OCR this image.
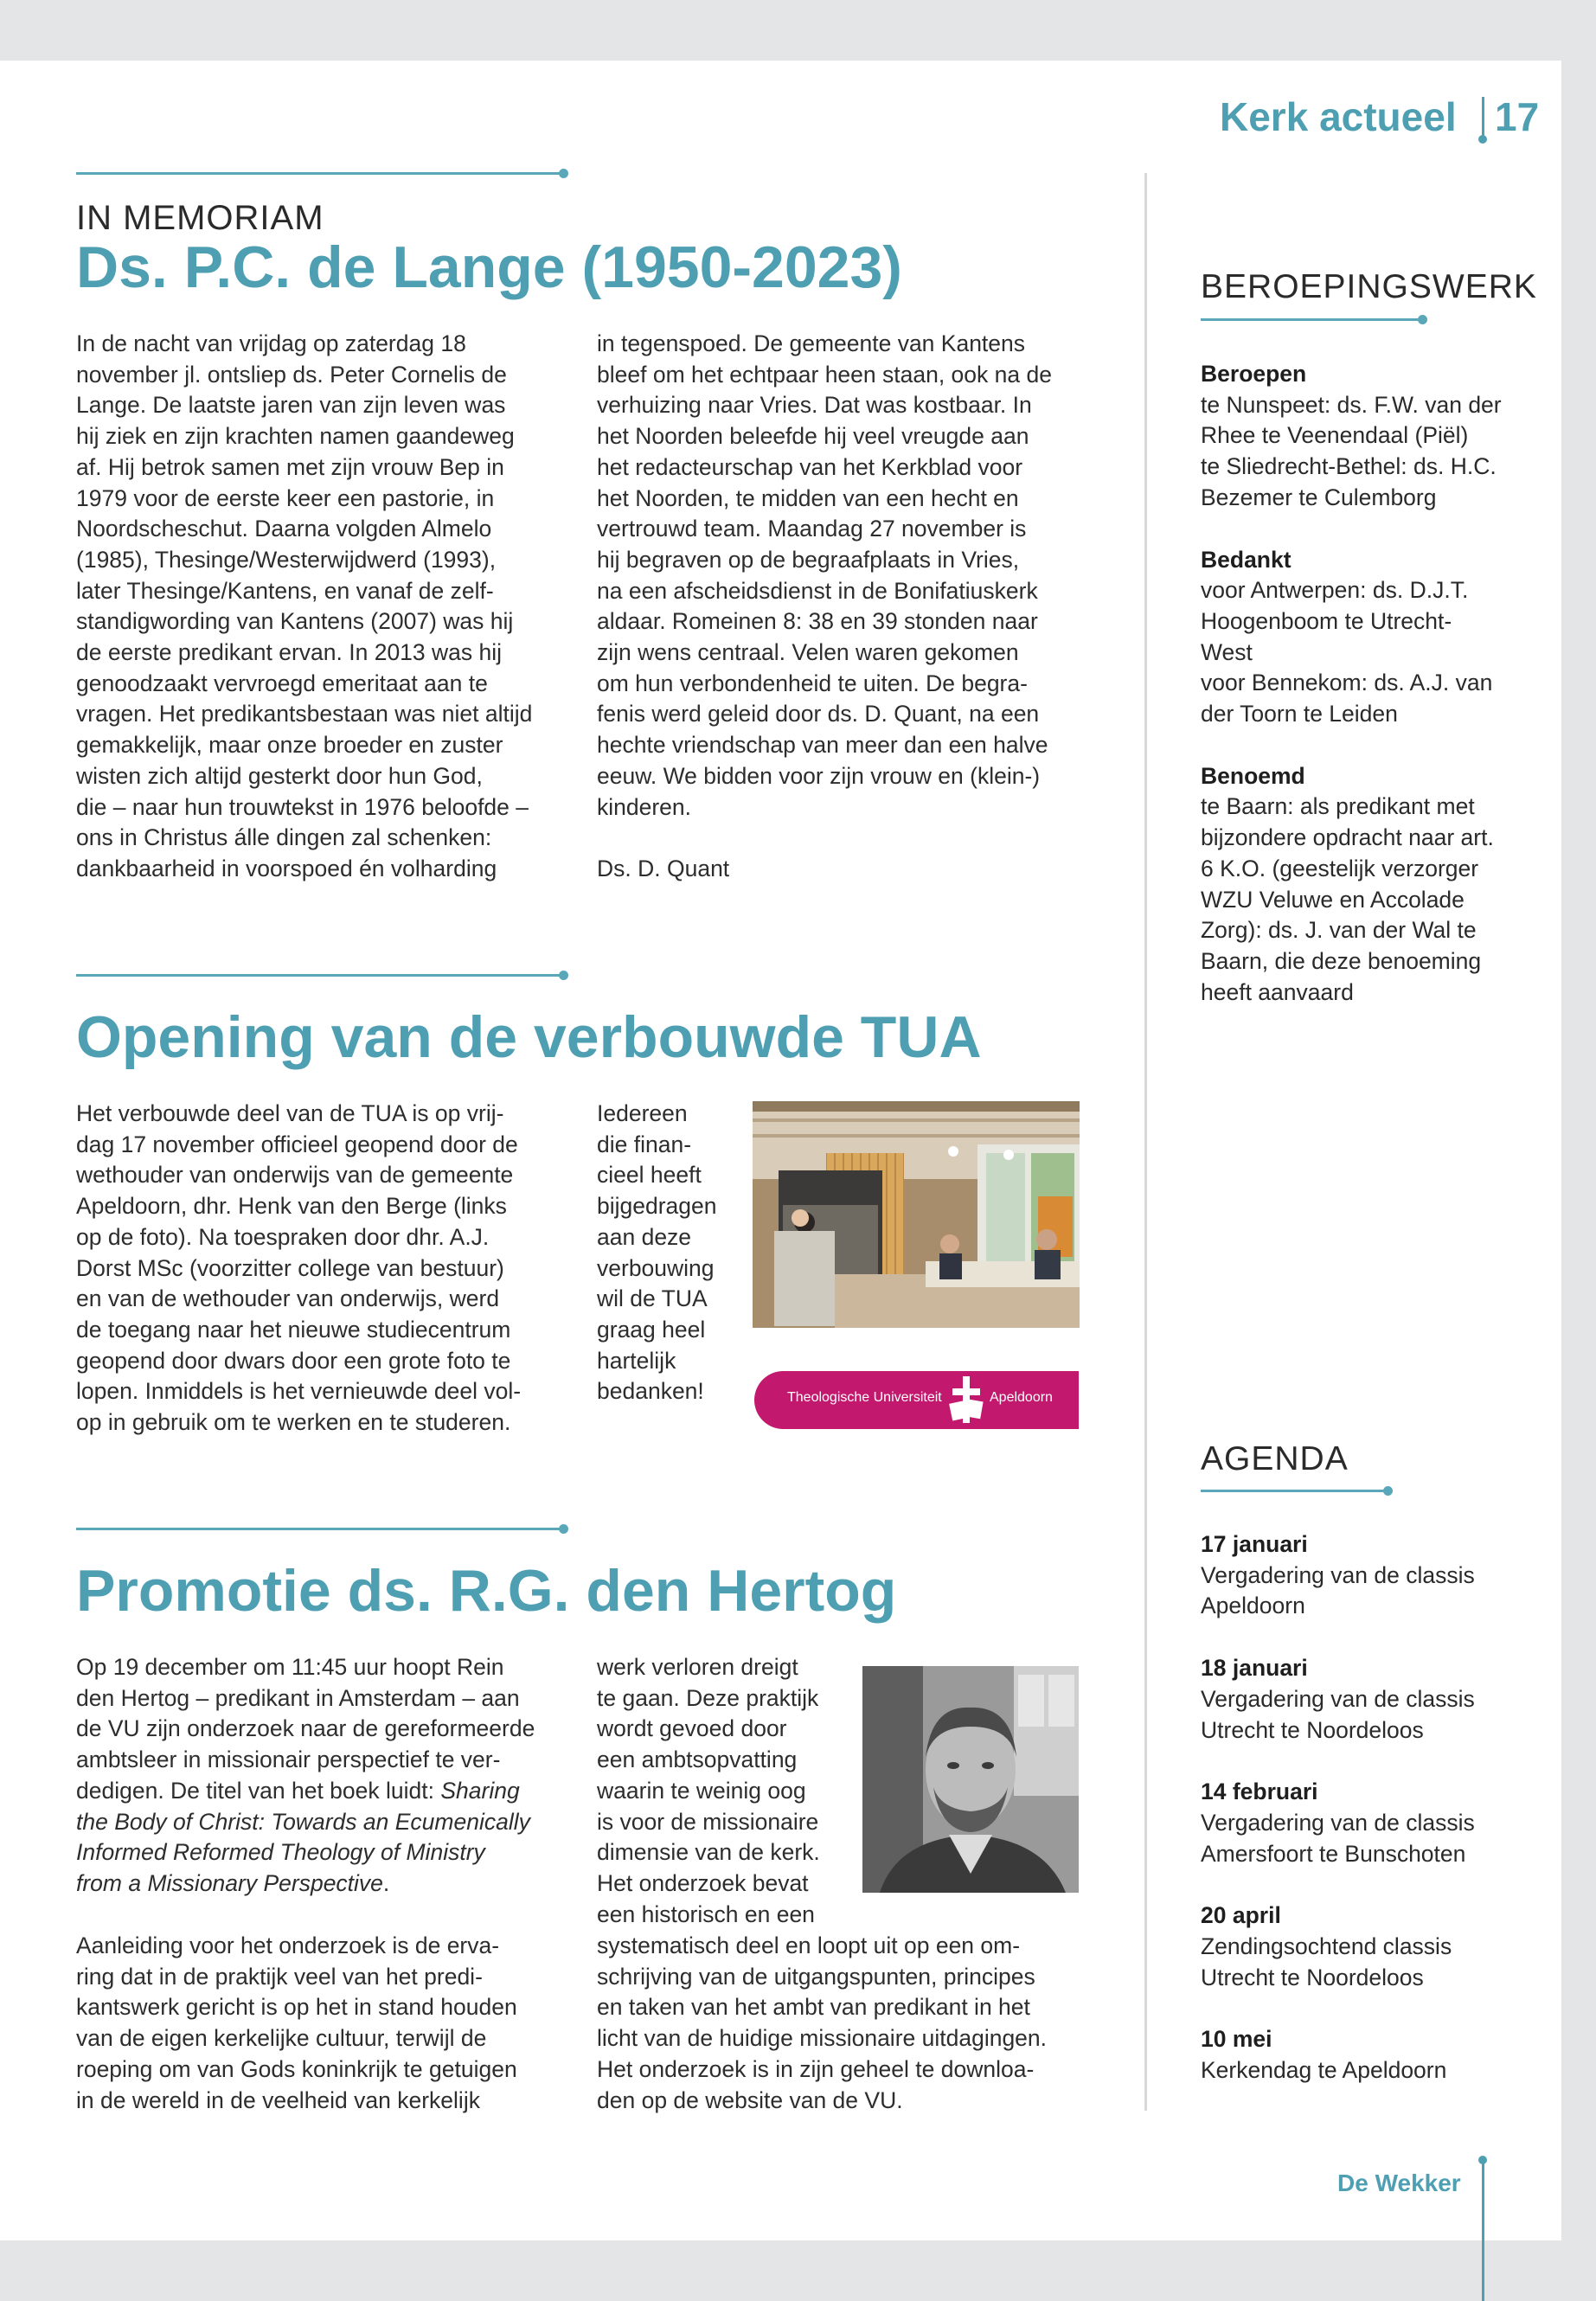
Kerk actueel 17
IN MEMORIAM
Ds. P.C. de Lange (1950-2023)
In de nacht van vrijdag op zaterdag 18
november jl. ontsliep ds. Peter Cornelis de
Lange. De laatste jaren van zijn leven was
hij ziek en zijn krachten namen gaandeweg
af. Hij betrok samen met zijn vrouw Bep in
1979 voor de eerste keer een pastorie, in
Noordscheschut. Daarna volgden Almelo
(1985), Thesinge/Westerwijdwerd (1993),
later Thesinge/Kantens, en vanaf de zelf-
standigwording van Kantens (2007) was hij
de eerste predikant ervan. In 2013 was hij
genoodzaakt vervroegd emeritaat aan te
vragen. Het predikantsbestaan was niet altijd
gemakkelijk, maar onze broeder en zuster
wisten zich altijd gesterkt door hun God,
die – naar hun trouwtekst in 1976 beloofde –
ons in Christus álle dingen zal schenken:
dankbaarheid in voorspoed én volharding
in tegenspoed. De gemeente van Kantens
bleef om het echtpaar heen staan, ook na de
verhuizing naar Vries. Dat was kostbaar. In
het Noorden beleefde hij veel vreugde aan
het redacteurschap van het Kerkblad voor
het Noorden, te midden van een hecht en
vertrouwd team. Maandag 27 november is
hij begraven op de begraafplaats in Vries,
na een afscheidsdienst in de Bonifatiuskerk
aldaar. Romeinen 8: 38 en 39 stonden naar
zijn wens centraal. Velen waren gekomen
om hun verbondenheid te uiten. De begra-
fenis werd geleid door ds. D. Quant, na een
hechte vriendschap van meer dan een halve
eeuw. We bidden voor zijn vrouw en (klein-)
kinderen.
Ds. D. Quant
Opening van de verbouwde TUA
Het verbouwde deel van de TUA is op vrij-
dag 17 november officieel geopend door de
wethouder van onderwijs van de gemeente
Apeldoorn, dhr. Henk van den Berge (links
op de foto). Na toespraken door dhr. A.J.
Dorst MSc (voorzitter college van bestuur)
en van de wethouder van onderwijs, werd
de toegang naar het nieuwe studiecentrum
geopend door dwars door een grote foto te
lopen. Inmiddels is het vernieuwde deel vol-
op in gebruik om te werken en te studeren.
Iedereen
die finan-
cieel heeft
bijgedragen
aan deze
verbouwing
wil de TUA
graag heel
hartelijk
bedanken!	Theologische Universiteit	Apeldoorn
Promotie ds. R.G. den Hertog
Op 19 december om 11:45 uur hoopt Rein
den Hertog – predikant in Amsterdam – aan
de VU zijn onderzoek naar de gereformeerde
ambtsleer in missionair perspectief te ver-
dedigen. De titel van het boek luidt: Sharing
the Body of Christ: Towards an Ecumenically
Informed Reformed Theology of Ministry
from a Missionary Perspective.
Aanleiding voor het onderzoek is de erva-
ring dat in de praktijk veel van het predi-
kantswerk gericht is op het in stand houden
van de eigen kerkelijke cultuur, terwijl de
roeping om van Gods koninkrijk te getuigen
in de wereld in de veelheid van kerkelijk
werk verloren dreigt
te gaan. Deze praktijk
wordt gevoed door
een ambtsopvatting
waarin te weinig oog
is voor de missionaire
dimensie van de kerk.
Het onderzoek bevat
een historisch en een
systematisch deel en loopt uit op een om-
schrijving van de uitgangspunten, principes
en taken van het ambt van predikant in het
licht van de huidige missionaire uitdagingen.
Het onderzoek is in zijn geheel te downloa-
den op de website van de VU.
BEROEPINGSWERK
Beroepen
te Nunspeet: ds. F.W. van der
Rhee te Veenendaal (Piël)
te Sliedrecht-Bethel: ds. H.C.
Bezemer te Culemborg
Bedankt
voor Antwerpen: ds. D.J.T.
Hoogenboom te Utrecht-
West
voor Bennekom: ds. A.J. van
der Toorn te Leiden
Benoemd
te Baarn: als predikant met
bijzondere opdracht naar art.
6 K.O. (geestelijk verzorger
WZU Veluwe en Accolade
Zorg): ds. J. van der Wal te
Baarn, die deze benoeming
heeft aanvaard
AGENDA
17 januari
Vergadering van de classis
Apeldoorn
18 januari
Vergadering van de classis
Utrecht te Noordeloos
14 februari
Vergadering van de classis
Amersfoort te Bunschoten
20 april
Zendingsochtend classis
Utrecht te Noordeloos
10 mei
Kerkendag te Apeldoorn
De Wekker
